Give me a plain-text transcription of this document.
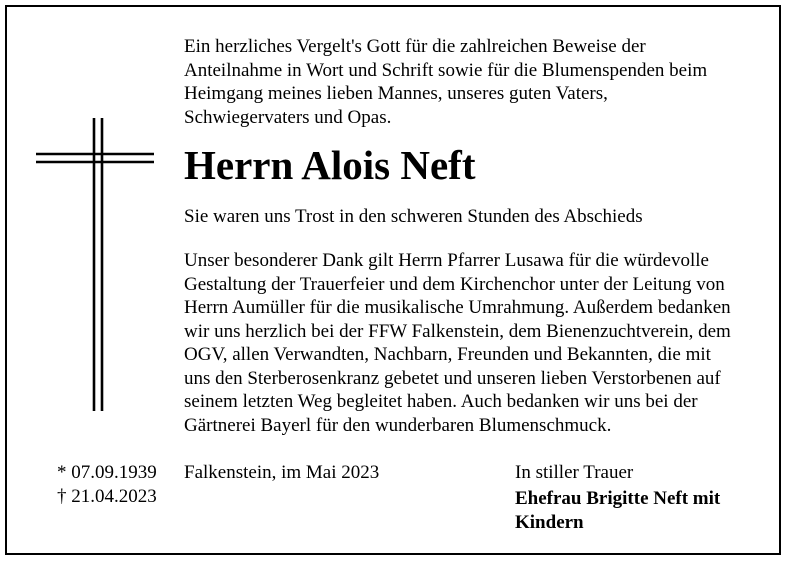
Ein herzliches Vergelt's Gott für die zahlreichen Beweise der
Anteilnahme in Wort und Schrift sowie für die Blumenspenden beim
Heimgang meines lieben Mannes, unseres guten Vaters,
Schwiegervaters und Opas.

Herrn Alois Neft

Sie waren uns Trost in den schweren Stunden des Abschieds

Unser besonderer Dank gilt Herrn Pfarrer Lusawa für die würdevolle
Gestaltung der Trauerfeier und dem Kirchenchor unter der Leitung von
Herrn Aumüller für die musikalische Umrahmung. Außerdem bedanken
wir uns herzlich bei der FFW Falkenstein, dem Bienenzuchtverein, dem
OGV, allen Verwandten, Nachbarn, Freunden und Bekannten, die mit
uns den Sterberosenkranz gebetet und unseren lieben Verstorbenen auf
seinem letzten Weg begleitet haben. Auch bedanken wir uns bei der
Gärtnerei Bayerl für den wunderbaren Blumenschmuck.

* 07.09.1939
† 21.04.2023

Falkenstein, im Mai 2023	In stiller Trauer

Ehefrau Brigitte Neft mit
Kindern
